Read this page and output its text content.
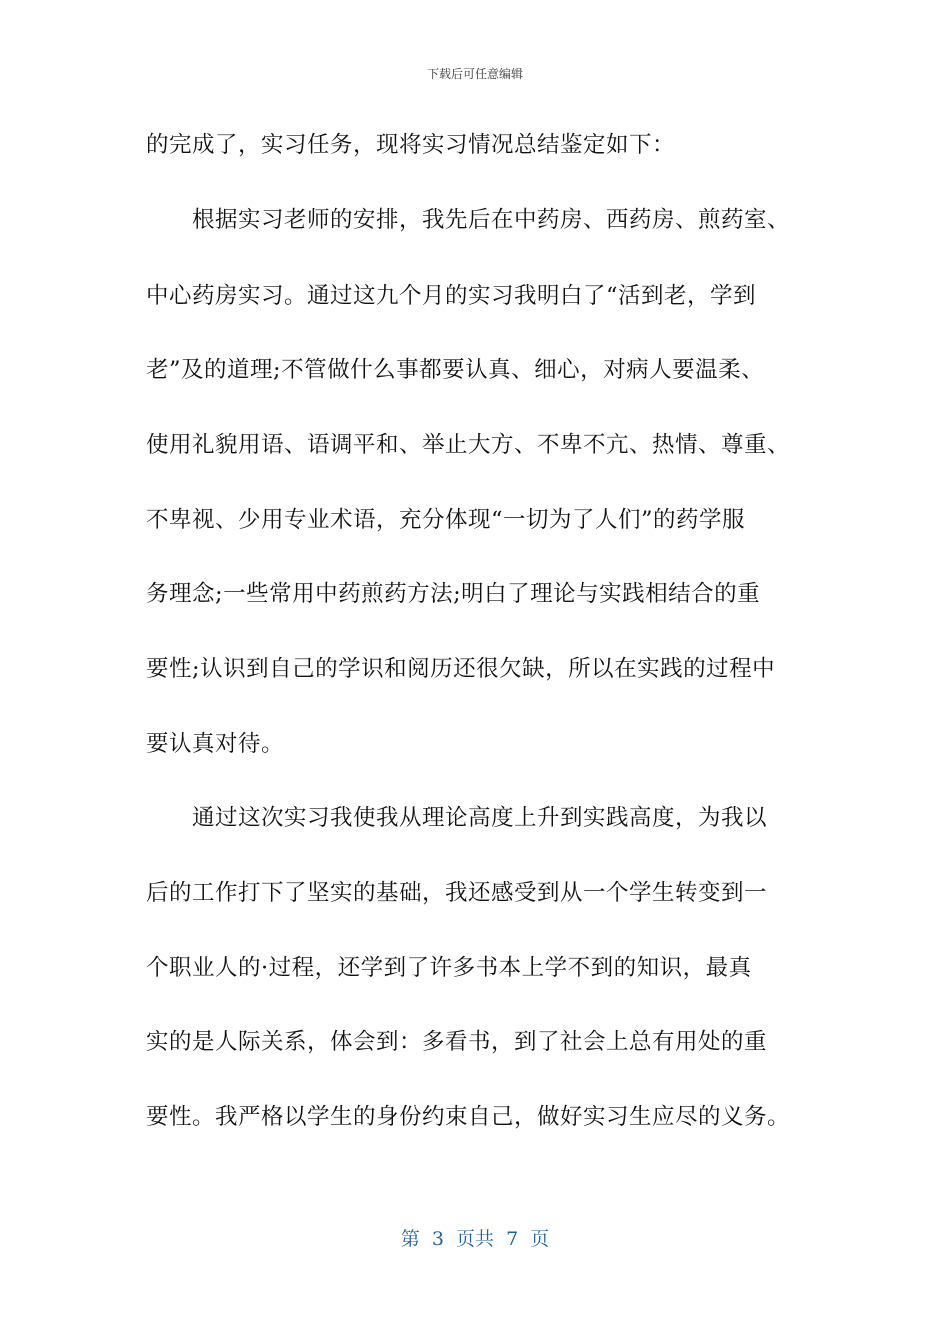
下载后可任意编辑
的完成了，实习任务，现将实习情况总结鉴定如下：
　　根据实习老师的安排，我先后在中药房、西药房、煎药室、
中心药房实习。通过这九个月的实习我明白了“活到老，学到
老”及的道理;不管做什么事都要认真、细心，对病人要温柔、
使用礼貌用语、语调平和、举止大方、不卑不亢、热情、尊重、
不卑视、少用专业术语，充分体现“一切为了人们”的药学服
务理念;一些常用中药煎药方法;明白了理论与实践相结合的重
要性;认识到自己的学识和阅历还很欠缺，所以在实践的过程中
要认真对待。
　　通过这次实习我使我从理论高度上升到实践高度，为我以
后的工作打下了坚实的基础，我还感受到从一个学生转变到一
个职业人的·过程，还学到了许多书本上学不到的知识，最真
实的是人际关系，体会到：多看书，到了社会上总有用处的重
要性。我严格以学生的身份约束自己，做好实习生应尽的义务。
第  3  页共  7  页
